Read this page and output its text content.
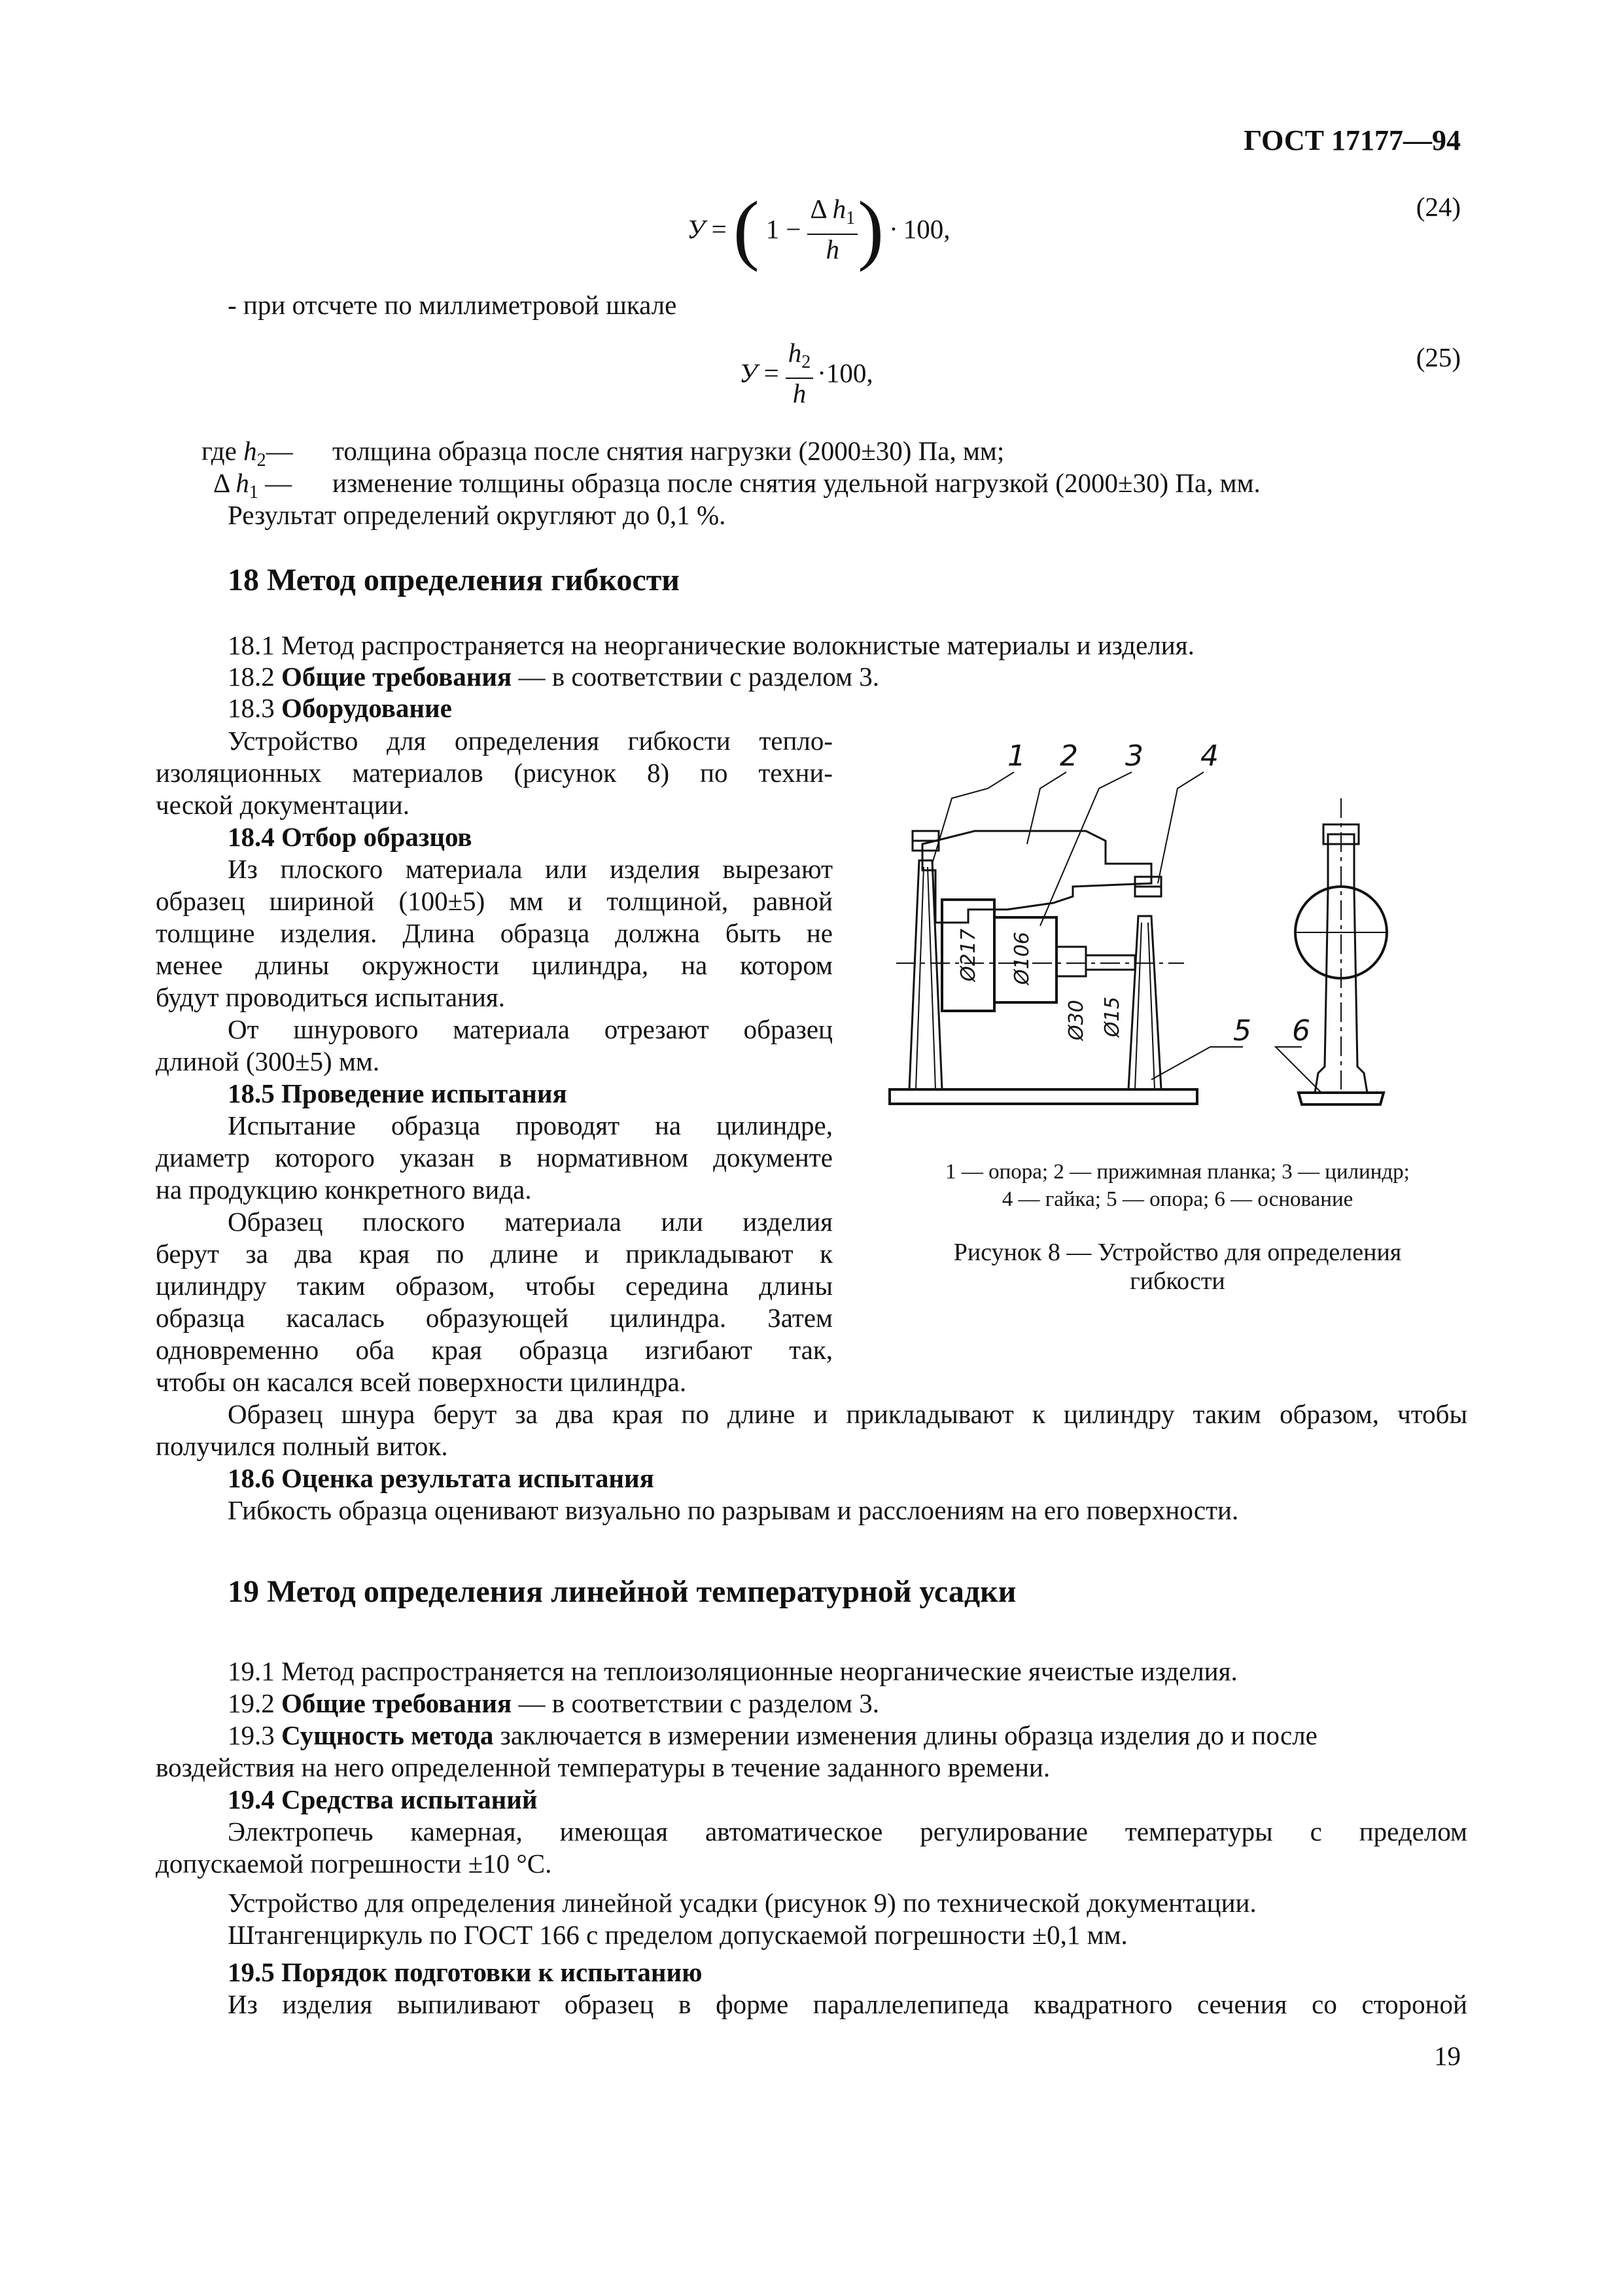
ГОСТ 17177—94
У = ( $1 - \frac{\Delta h_1}{h}$ ) · 100,
(24)
- при отсчете по миллиметровой шкале
$У = \frac{h_2}{h} \cdot 100$,
(25)
где $h_2—$ толщина образца после снятия нагрузки (2000±30) Па, мм;
Δ $h_1$ — изменение толщины образца после снятия удельной нагрузкой (2000±30) Па, мм.
Результат определений округляют до 0,1 %.
18 Метод определения гибкости
18.1 Метод распространяется на неорганические волокнистые материалы и изделия.
18.2 Общие требования — в соответствии с разделом 3.
18.3 Оборудование
Устройство для определения гибкости тепло-
изоляционных материалов (рисунок 8) по техни-
ческой документации.
18.4 Отбор образцов
Из плоского материала или изделия вырезают
образец шириной (100±5) мм и толщиной, равной
толщине изделия. Длина образца должна быть не
менее длины окружности цилиндра, на котором
будут проводиться испытания.
От шнурового материала отрезают образец
длиной (300±5) мм.
18.5 Проведение испытания
Испытание образца проводят на цилиндре,
диаметр которого указан в нормативном документе
на продукцию конкретного вида.
Образец плоского материала или изделия
берут за два края по длине и прикладывают к
цилиндру таким образом, чтобы середина длины
образца касалась образующей цилиндра. Затем
одновременно оба края образца изгибают так,
чтобы он касался всей поверхности цилиндра.
Образец шнура берут за два края по длине и прикладывают к цилиндру таким образом, чтобы
получился полный виток.
18.6 Оценка результата испытания
Гибкость образца оценивают визуально по разрывам и расслоениям на его поверхности.
1 2 3 4
5 6
Ø217 Ø106
Ø30 Ø15
1 — опора; 2 — прижимная планка; 3 — цилиндр;
4 — гайка; 5 — опора; 6 — основание
Рисунок 8 — Устройство для определения
гибкости
19 Метод определения линейной температурной усадки
19.1 Метод распространяется на теплоизоляционные неорганические ячеистые изделия.
19.2 Общие требования — в соответствии с разделом 3.
19.3 Сущность метода заключается в измерении изменения длины образца изделия до и после
воздействия на него определенной температуры в течение заданного времени.
19.4 Средства испытаний
Электропечь камерная, имеющая автоматическое регулирование температуры с пределом
допускаемой погрешности ±10 °С.
Устройство для определения линейной усадки (рисунок 9) по технической документации.
Штангенциркуль по ГОСТ 166 с пределом допускаемой погрешности ±0,1 мм.
19.5 Порядок подготовки к испытанию
Из изделия выпиливают образец в форме параллелепипеда квадратного сечения со стороной
19
